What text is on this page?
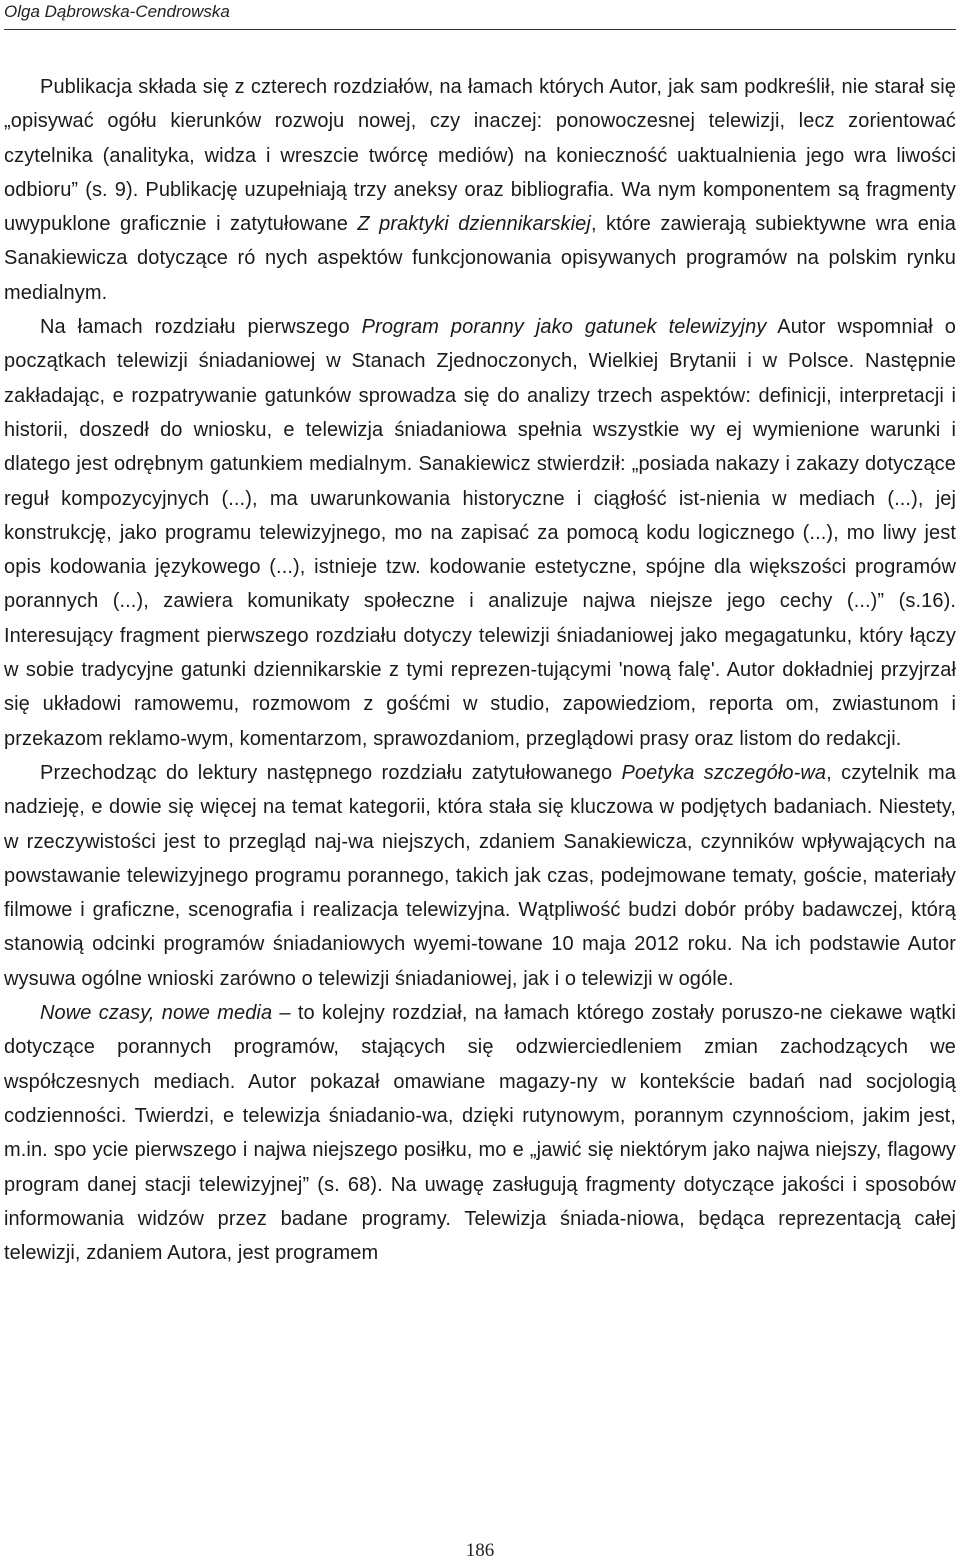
Olga Dąbrowska-Cendrowska

Publikacja składa się z czterech rozdziałów, na łamach których Autor, jak sam podkreślił, nie starał się „opisywać ogółu kierunków rozwoju nowej, czy inaczej: ponowoczesnej telewizji, lecz zorientować czytelnika (analityka, widza i wreszcie twórcę mediów) na konieczność uaktualnienia jego wra liwości odbioru” (s. 9). Publikację uzupełniają trzy aneksy oraz bibliografia. Wa nym komponentem są fragmenty uwypuklone graficznie i zatytułowane Z praktyki dziennikarskiej, które zawierają subiektywne wra enia Sanakiewicza dotyczące ró nych aspektów funkcjonowania opisywanych programów na polskim rynku medialnym.

Na łamach rozdziału pierwszego Program poranny jako gatunek telewizyjny Autor wspomniał o początkach telewizji śniadaniowej w Stanach Zjednoczonych, Wielkiej Brytanii i w Polsce. Następnie zakładając, e rozpatrywanie gatunków sprowadza się do analizy trzech aspektów: definicji, interpretacji i historii, doszedł do wniosku, e telewizja śniadaniowa spełnia wszystkie wy ej wymienione warunki i dlatego jest odrębnym gatunkiem medialnym. Sanakiewicz stwierdził: „posiada nakazy i zakazy dotyczące reguł kompozycyjnych (...), ma uwarunkowania historyczne i ciągłość ist-nienia w mediach (...), jej konstrukcję, jako programu telewizyjnego, mo na zapisać za pomocą kodu logicznego (...), mo liwy jest opis kodowania językowego (...), istnieje tzw. kodowanie estetyczne, spójne dla większości programów porannych (...), zawiera komunikaty społeczne i analizuje najwa niejsze jego cechy (...)” (s.16). Interesujący fragment pierwszego rozdziału dotyczy telewizji śniadaniowej jako megagatunku, który łączy w sobie tradycyjne gatunki dziennikarskie z tymi reprezen-tującymi 'nową falę'. Autor dokładniej przyjrzał się układowi ramowemu, rozmowom z gośćmi w studio, zapowiedziom, reporta om, zwiastunom i przekazom reklamo-wym, komentarzom, sprawozdaniom, przeglądowi prasy oraz listom do redakcji.

Przechodząc do lektury następnego rozdziału zatytułowanego Poetyka szczegóło-wa, czytelnik ma nadzieję, e dowie się więcej na temat kategorii, która stała się kluczowa w podjętych badaniach. Niestety, w rzeczywistości jest to przegląd naj-wa niejszych, zdaniem Sanakiewicza, czynników wpływających na powstawanie telewizyjnego programu porannego, takich jak czas, podejmowane tematy, goście, materiały filmowe i graficzne, scenografia i realizacja telewizyjna. Wątpliwość budzi dobór próby badawczej, którą stanowią odcinki programów śniadaniowych wyemi-towane 10 maja 2012 roku. Na ich podstawie Autor wysuwa ogólne wnioski zarówno o telewizji śniadaniowej, jak i o telewizji w ogóle.

Nowe czasy, nowe media – to kolejny rozdział, na łamach którego zostały poruszo-ne ciekawe wątki dotyczące porannych programów, stających się odzwierciedleniem zmian zachodzących we współczesnych mediach. Autor pokazał omawiane magazy-ny w kontekście badań nad socjologią codzienności. Twierdzi, e telewizja śniadanio-wa, dzięki rutynowym, porannym czynnościom, jakim jest, m.in. spo ycie pierwszego i najwa niejszego posiłku, mo e „jawić się niektórym jako najwa niejszy, flagowy program danej stacji telewizyjnej” (s. 68). Na uwagę zasługują fragmenty dotyczące jakości i sposobów informowania widzów przez badane programy. Telewizja śniada-niowa, będąca reprezentacją całej telewizji, zdaniem Autora, jest programem

186
